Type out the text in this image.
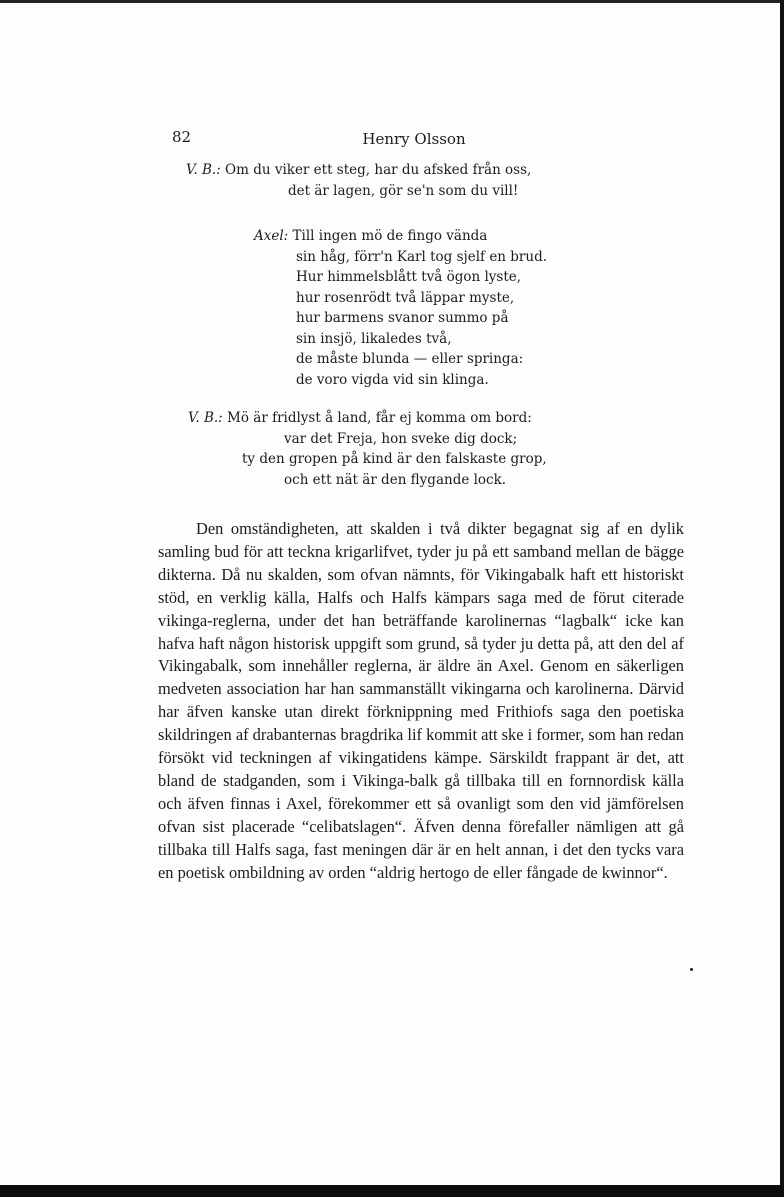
82	Henry Olsson
V. B.: Om du viker ett steg, har du afsked från oss,
det är lagen, gör se'n som du vill!
Axel: Till ingen mö de fingo vända
sin håg, förr'n Karl tog sjelf en brud.
Hur himmelsblått två ögon lyste,
hur rosenrödt två läppar myste,
hur barmens svanor summo på
sin insjö, likaledes två,
de måste blunda — eller springa:
de voro vigda vid sin klinga.
V. B.: Mö är fridlyst å land, får ej komma om bord:
var det Freja, hon sveke dig dock;
ty den gropen på kind är den falskaste grop,
och ett nät är den flygande lock.
Den omständigheten, att skalden i två dikter begagnat sig af en dylik samling bud för att teckna krigarlifvet, tyder ju på ett samband mellan de bägge dikterna. Då nu skalden, som ofvan nämnts, för Vikingabalk haft ett historiskt stöd, en verklig källa, Halfs och Halfs kämpars saga med de förut citerade vikinga-reglerna, under det han beträffande karolinernas “lagbalk“ icke kan hafva haft någon historisk uppgift som grund, så tyder ju detta på, att den del af Vikingabalk, som innehåller reglerna, är äldre än Axel. Genom en säkerligen medveten association har han sammanställt vikingarna och karolinerna. Därvid har äfven kanske utan direkt förknippning med Frithiofs saga den poetiska skildringen af drabanternas bragdrika lif kommit att ske i former, som han redan försökt vid teckningen af vikingatidens kämpe. Särskildt frappant är det, att bland de stadganden, som i Vikinga-balk gå tillbaka till en fornnordisk källa och äfven finnas i Axel, förekommer ett så ovanligt som den vid jämförelsen ofvan sist placerade “celibatslagen“. Äfven denna förefaller nämligen att gå tillbaka till Halfs saga, fast meningen där är en helt annan, i det den tycks vara en poetisk ombildning av orden “aldrig hertogo de eller fångade de kwinnor“.
